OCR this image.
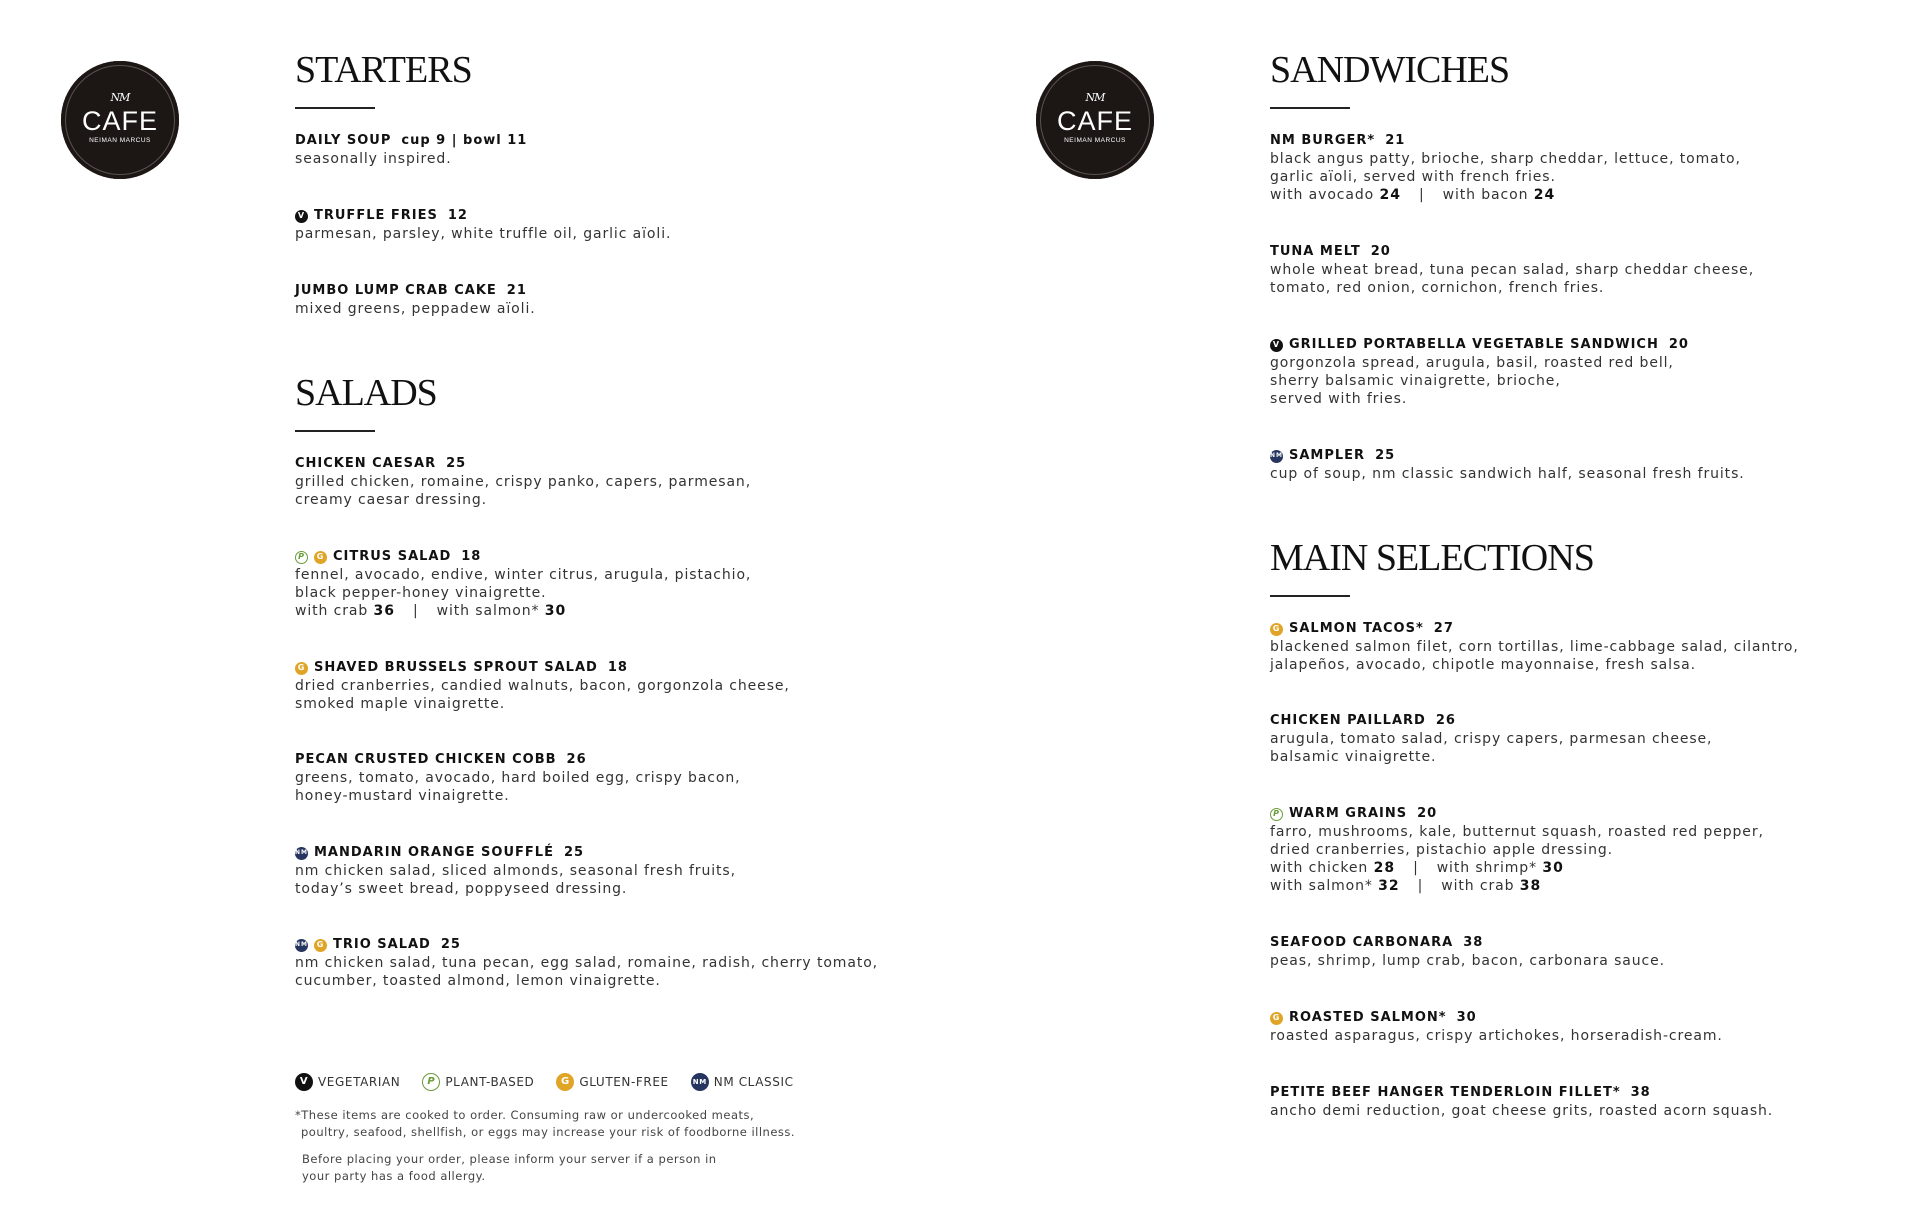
NM
CAFE
NEIMAN MARCUS
NM
CAFE
NEIMAN MARCUS
STARTERS
DAILY SOUP cup 9 | bowl 11
seasonally inspired.
V TRUFFLE FRIES 12
parmesan, parsley, white truffle oil, garlic aïoli.
JUMBO LUMP CRAB CAKE 21
mixed greens, peppadew aïoli.
SALADS
CHICKEN CAESAR 25
grilled chicken, romaine, crispy panko, capers, parmesan,
creamy caesar dressing.
P	G CITRUS SALAD 18
fennel, avocado, endive, winter citrus, arugula, pistachio,
black pepper-honey vinaigrette.
with crab 36 | with salmon* 30
G SHAVED BRUSSELS SPROUT SALAD 18
dried cranberries, candied walnuts, bacon, gorgonzola cheese,
smoked maple vinaigrette.
PECAN CRUSTED CHICKEN COBB 26
greens, tomato, avocado, hard boiled egg, crispy bacon,
honey-mustard vinaigrette.
NM MANDARIN ORANGE SOUFFLÉ 25
nm chicken salad, sliced almonds, seasonal fresh fruits,
today’s sweet bread, poppyseed dressing.
NM	G TRIO SALAD 25
nm chicken salad, tuna pecan, egg salad, romaine, radish, cherry tomato,
cucumber, toasted almond, lemon vinaigrette.
V VEGETARIAN	P PLANT-BASED	G GLUTEN-FREE	NM NM CLASSIC
*These items are cooked to order. Consuming raw or undercooked meats,
poultry, seafood, shellfish, or eggs may increase your risk of foodborne illness.
Before placing your order, please inform your server if a person in
your party has a food allergy.
SANDWICHES
NM BURGER* 21
black angus patty, brioche, sharp cheddar, lettuce, tomato,
garlic aïoli, served with french fries.
with avocado 24 | with bacon 24
TUNA MELT 20
whole wheat bread, tuna pecan salad, sharp cheddar cheese,
tomato, red onion, cornichon, french fries.
V GRILLED PORTABELLA VEGETABLE SANDWICH 20
gorgonzola spread, arugula, basil, roasted red bell,
sherry balsamic vinaigrette, brioche,
served with fries.
NM SAMPLER 25
cup of soup, nm classic sandwich half, seasonal fresh fruits.
MAIN SELECTIONS
G SALMON TACOS* 27
blackened salmon filet, corn tortillas, lime-cabbage salad, cilantro,
jalapeños, avocado, chipotle mayonnaise, fresh salsa.
CHICKEN PAILLARD 26
arugula, tomato salad, crispy capers, parmesan cheese,
balsamic vinaigrette.
P WARM GRAINS 20
farro, mushrooms, kale, butternut squash, roasted red pepper,
dried cranberries, pistachio apple dressing.
with chicken 28 | with shrimp* 30
with salmon* 32 | with crab 38
SEAFOOD CARBONARA 38
peas, shrimp, lump crab, bacon, carbonara sauce.
G ROASTED SALMON* 30
roasted asparagus, crispy artichokes, horseradish-cream.
PETITE BEEF HANGER TENDERLOIN FILLET* 38
ancho demi reduction, goat cheese grits, roasted acorn squash.
